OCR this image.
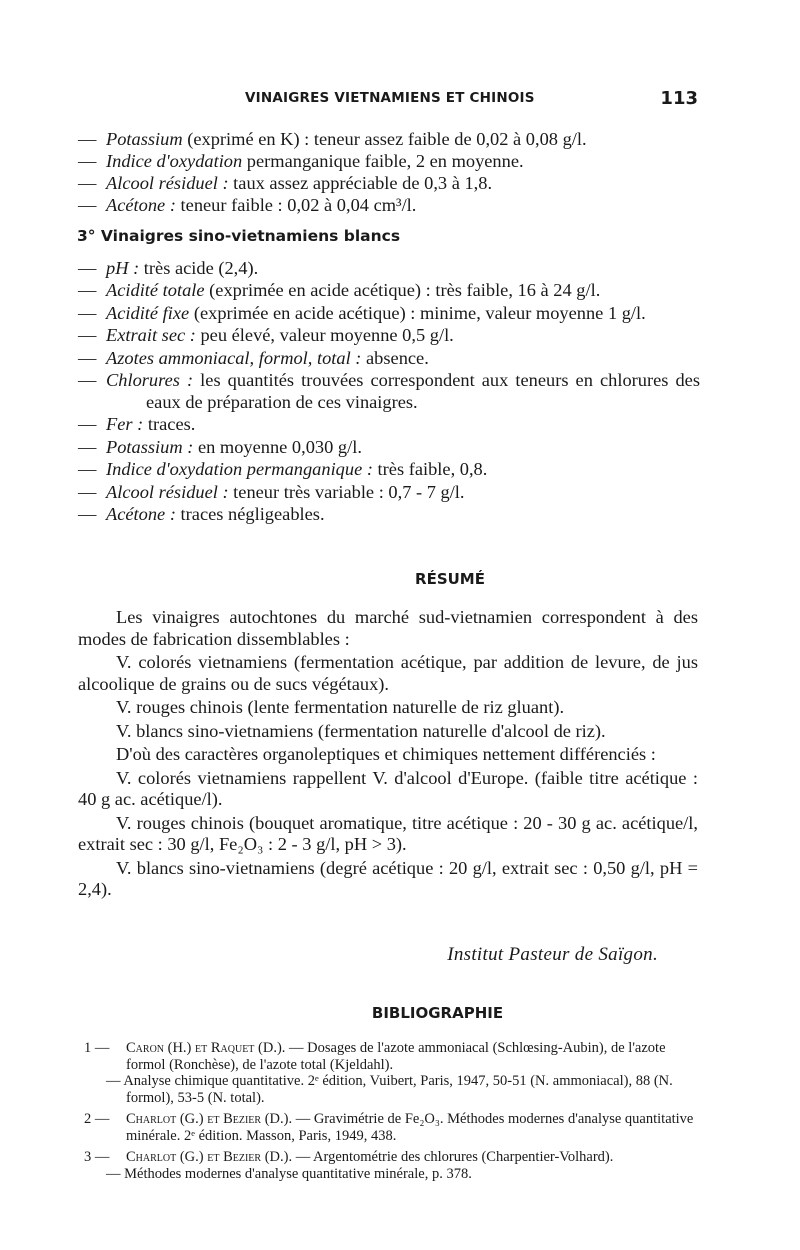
VINAIGRES VIETNAMIENS ET CHINOIS	113
— Potassium (exprimé en K) : teneur assez faible de 0,02 à 0,08 g/l.
— Indice d'oxydation permanganique faible, 2 en moyenne.
— Alcool résiduel : taux assez appréciable de 0,3 à 1,8.
— Acétone : teneur faible : 0,02 à 0,04 cm³/l.
3° Vinaigres sino-vietnamiens blancs
— pH : très acide (2,4).
— Acidité totale (exprimée en acide acétique) : très faible, 16 à 24 g/l.
— Acidité fixe (exprimée en acide acétique) : minime, valeur moyenne 1 g/l.
— Extrait sec : peu élevé, valeur moyenne 0,5 g/l.
— Azotes ammoniacal, formol, total : absence.
— Chlorures : les quantités trouvées correspondent aux teneurs en chlorures des eaux de préparation de ces vinaigres.
— Fer : traces.
— Potassium : en moyenne 0,030 g/l.
— Indice d'oxydation permanganique : très faible, 0,8.
— Alcool résiduel : teneur très variable : 0,7 - 7 g/l.
— Acétone : traces négligeables.
RÉSUMÉ

Les vinaigres autochtones du marché sud-vietnamien correspondent à des modes de fabrication dissemblables :

V. colorés vietnamiens (fermentation acétique, par addition de levure, de jus alcoolique de grains ou de sucs végétaux).

V. rouges chinois (lente fermentation naturelle de riz gluant).

V. blancs sino-vietnamiens (fermentation naturelle d'alcool de riz).

D'où des caractères organoleptiques et chimiques nettement différenciés :

V. colorés vietnamiens rappellent V. d'alcool d'Europe. (faible titre acétique : 40 g ac. acétique/l).

V. rouges chinois (bouquet aromatique, titre acétique : 20 - 30 g ac. acétique/l, extrait sec : 30 g/l, Fe₂O₃ : 2 - 3 g/l, pH > 3).

V. blancs sino-vietnamiens (degré acétique : 20 g/l, extrait sec : 0,50 g/l, pH = 2,4).

Institut Pasteur de Saïgon.
BIBLIOGRAPHIE
1 — Caron (H.) et Raquet (D.). — Dosages de l'azote ammoniacal (Schlœsing-Aubin), de l'azote formol (Ronchèse), de l'azote total (Kjeldahl).
— Analyse chimique quantitative. 2ᵉ édition, Vuibert, Paris, 1947, 50-51 (N. ammoniacal), 88 (N. formol), 53-5 (N. total).
2 — Charlot (G.) et Bezier (D.). — Gravimétrie de Fe₂O₃. Méthodes modernes d'analyse quantitative minérale. 2ᵉ édition. Masson, Paris, 1949, 438.
3 — Charlot (G.) et Bezier (D.). — Argentométrie des chlorures (Charpentier-Volhard).
— Méthodes modernes d'analyse quantitative minérale, p. 378.
